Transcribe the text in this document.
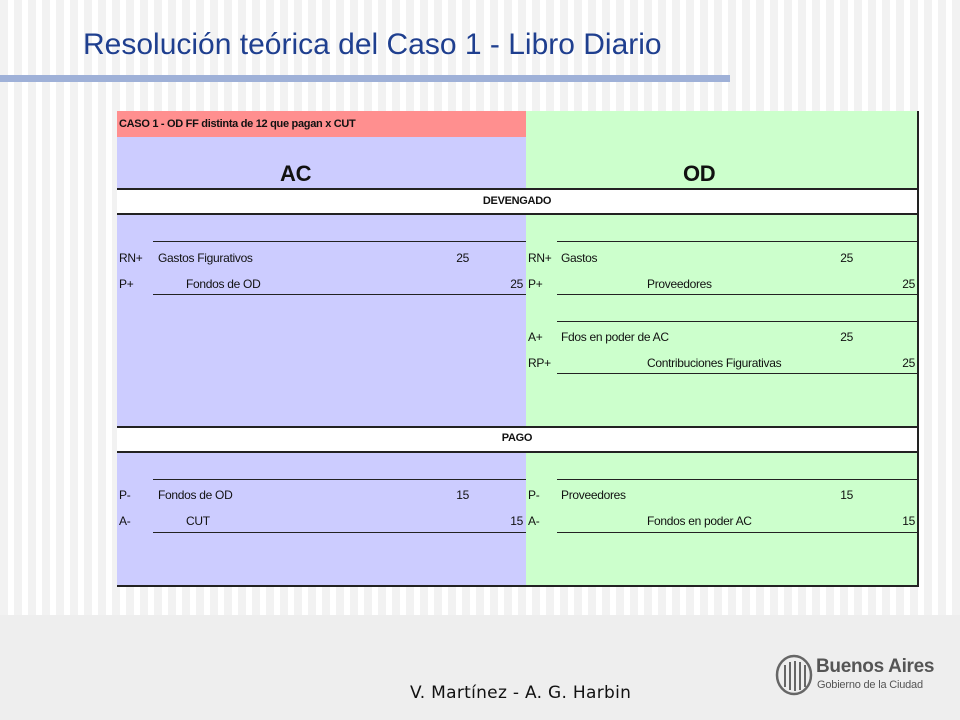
Resolución teórica del Caso 1 - Libro Diario
CASO 1 - OD FF distinta de 12 que pagan x CUT
AC	OD
DEVENGADO
RN+ Gastos Figurativos	25
P+	Fondos de OD	25
RN+ Gastos	25
P+	Proveedores	25
A+ Fdos en poder de AC	25
RP+	Contribuciones Figurativas	25
PAGO
P- Fondos de OD	15
A-	CUT	15
P- Proveedores	15
A-	Fondos en poder AC	15
V. Martínez - A. G. Harbin
Buenos Aires
Gobierno de la Ciudad
